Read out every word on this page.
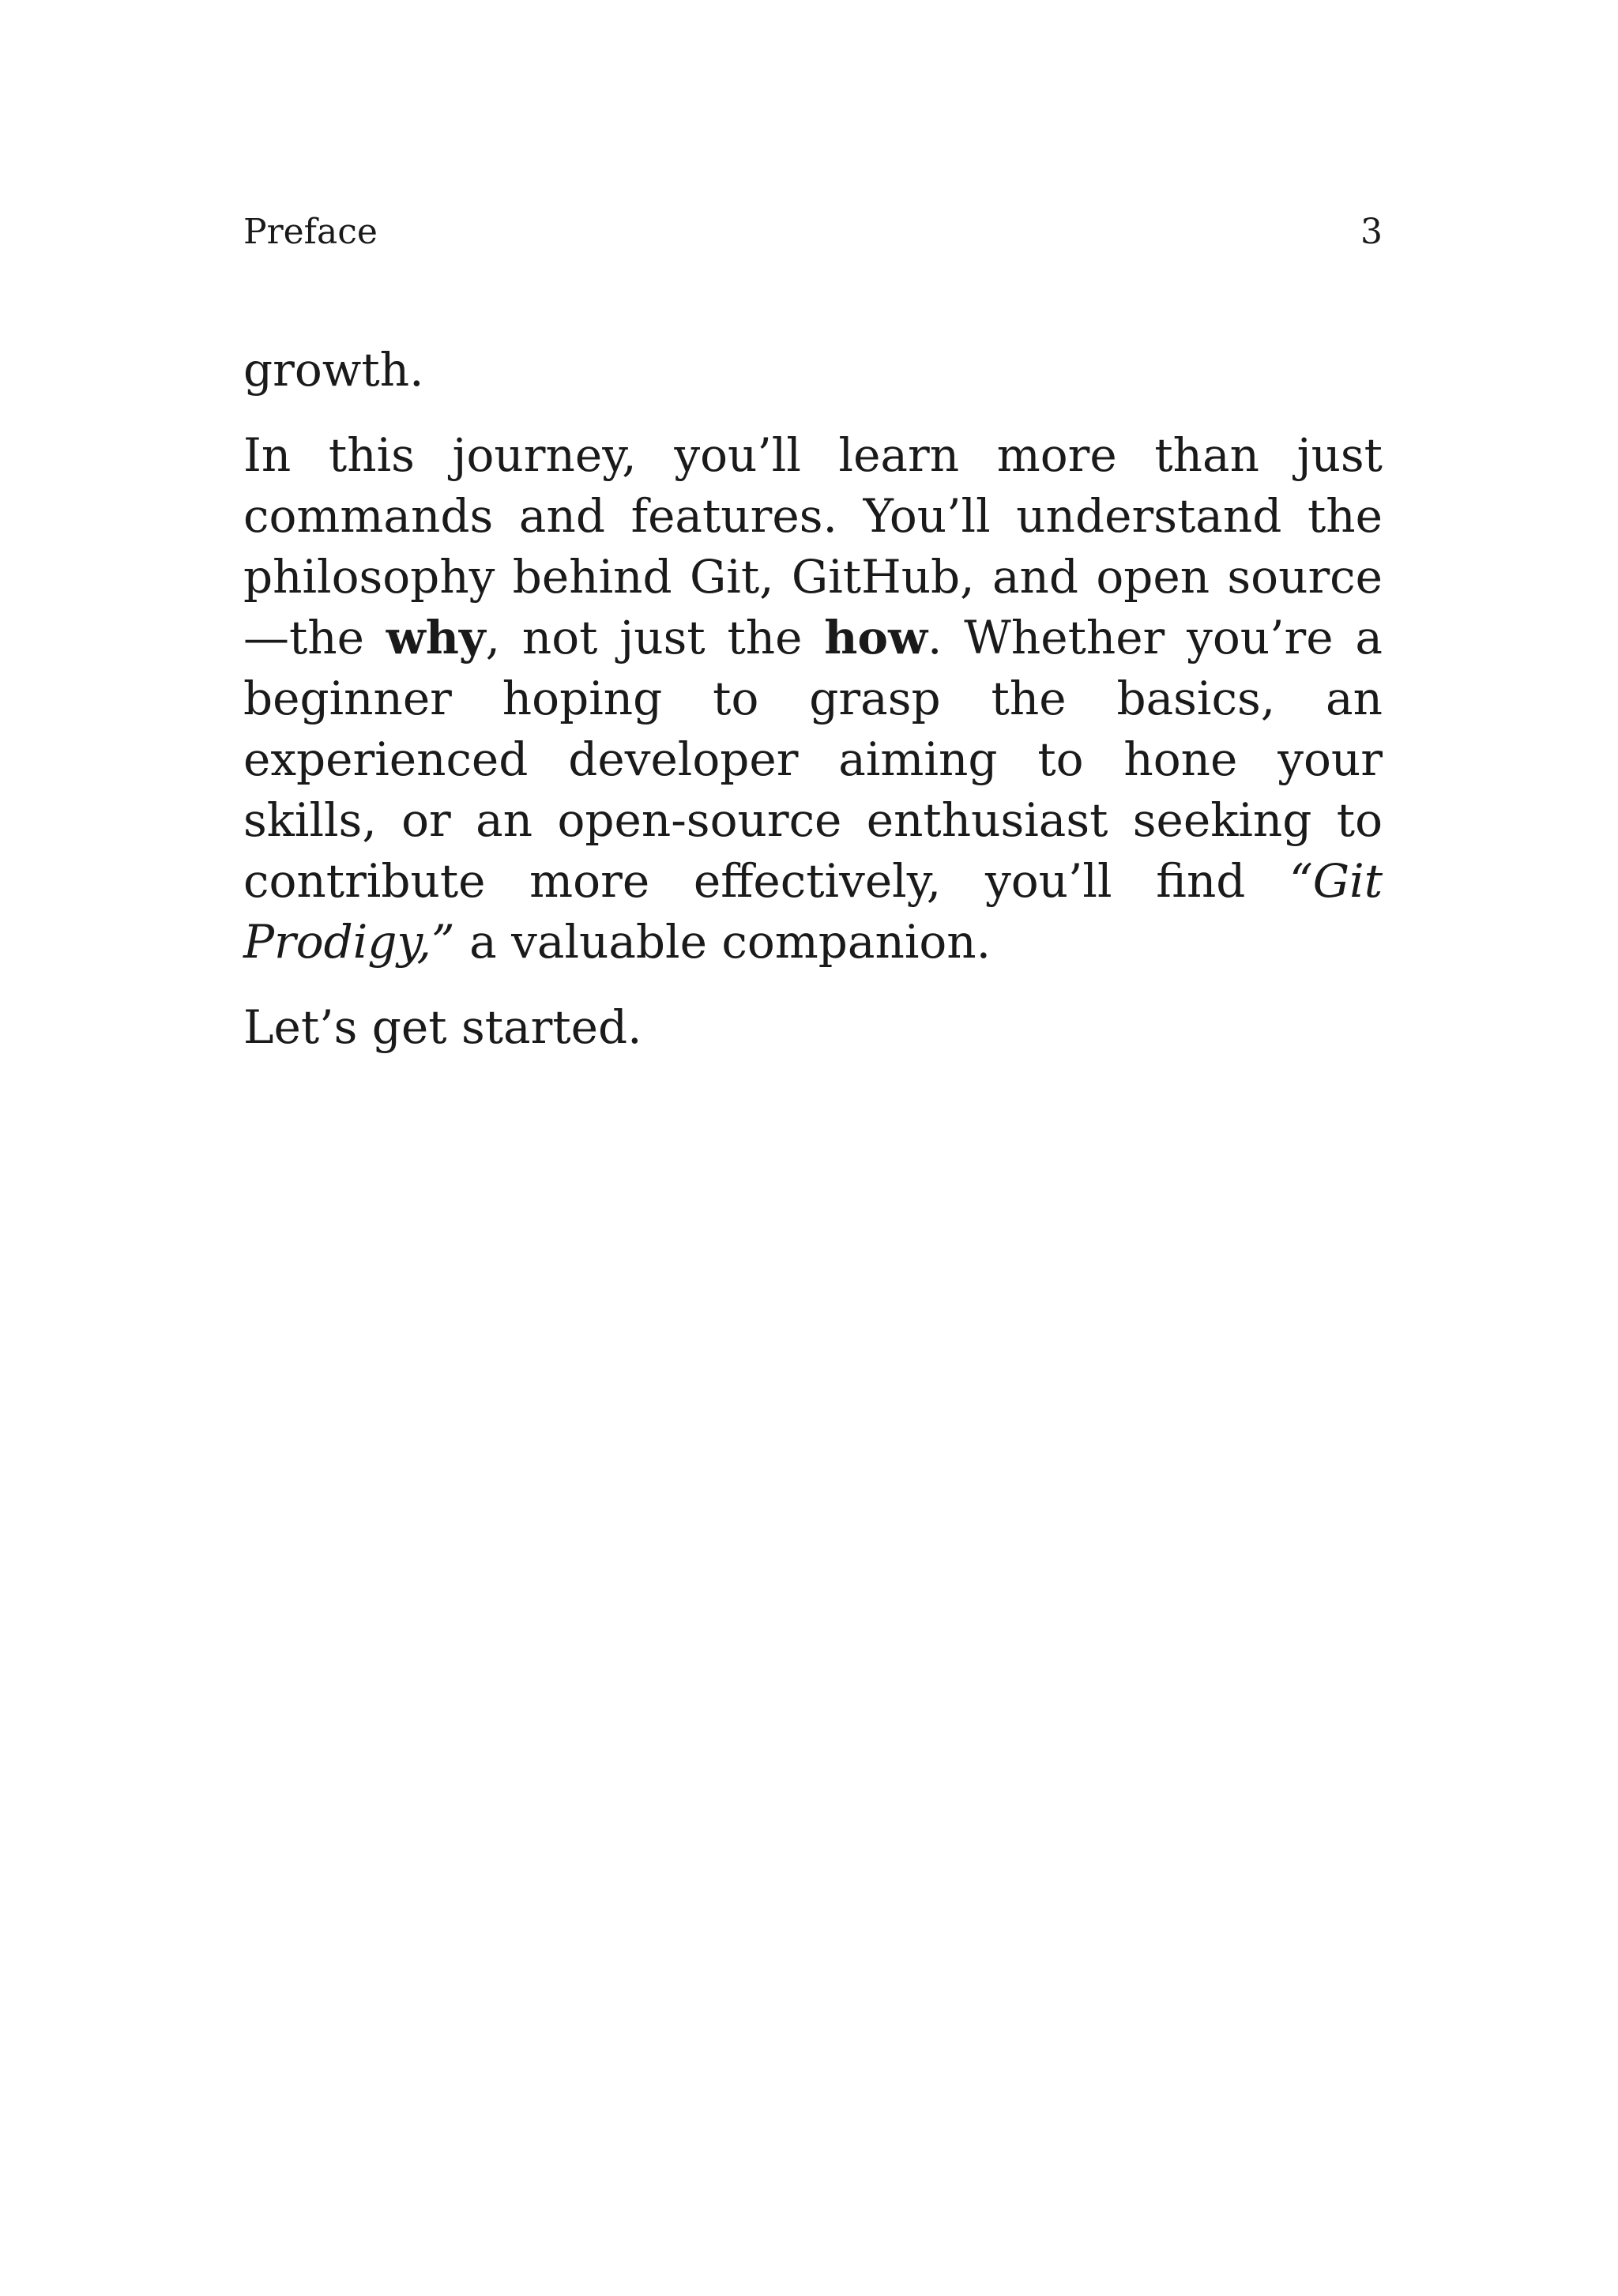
Preface	3

growth.

In this journey, you’ll learn more than just commands and features. You’ll understand the philosophy behind Git, GitHub, and open source—the why, not just the how. Whether you’re a beginner hoping to grasp the basics, an experienced developer aiming to hone your skills, or an open-source enthusiast seeking to contribute more effectively, you’ll find “Git Prodigy,” a valuable companion.

Let’s get started.
